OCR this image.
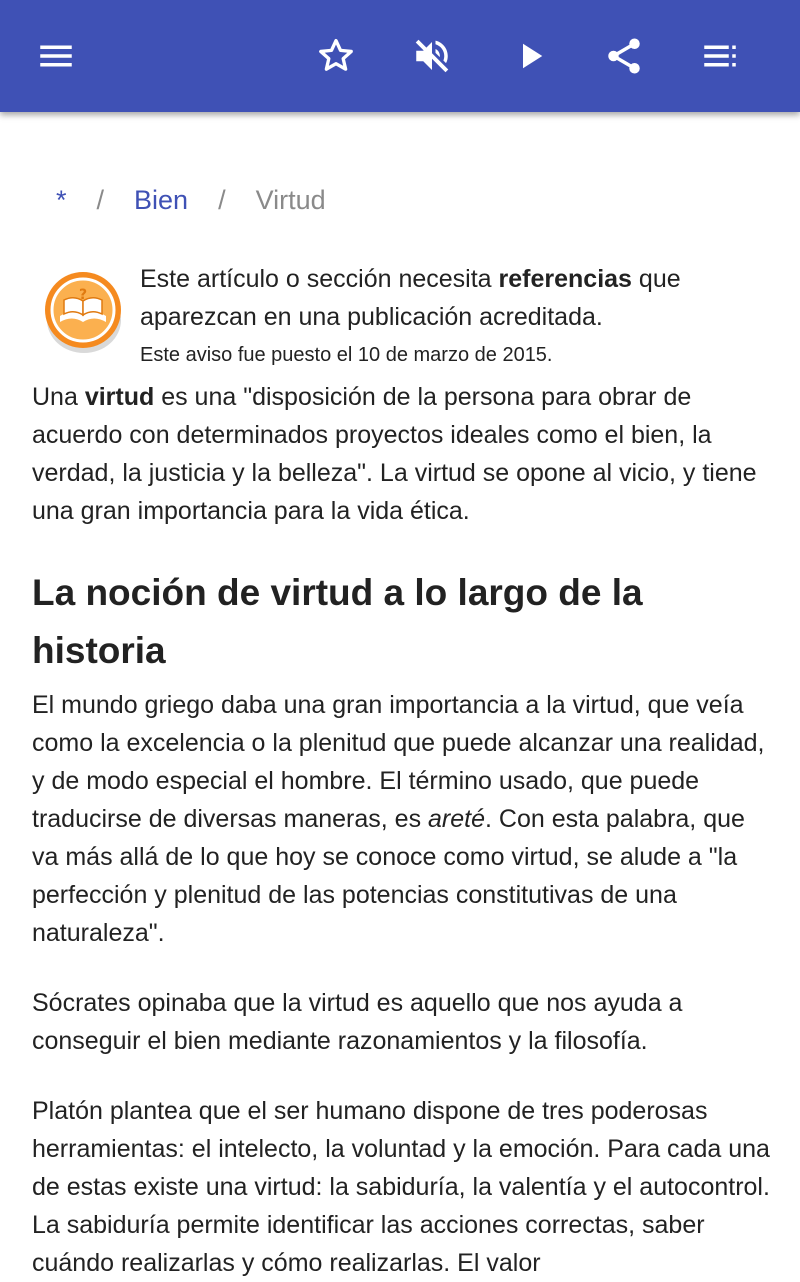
* / Bien / Virtud
?
Este artículo o sección necesita referencias que
aparezcan en una publicación acreditada.
Este aviso fue puesto el 10 de marzo de 2015.

Una virtud es una "disposición de la persona para obrar de acuerdo con determinados proyectos ideales como el bien, la verdad, la justicia y la belleza". La virtud se opone al vicio, y tiene una gran importancia para la vida ética.

La noción de virtud a lo largo de la historia

El mundo griego daba una gran importancia a la virtud, que veía como la excelencia o la plenitud que puede alcanzar una realidad, y de modo especial el hombre. El término usado, que puede traducirse de diversas maneras, es areté. Con esta palabra, que va más allá de lo que hoy se conoce como virtud, se alude a "la perfección y plenitud de las potencias constitutivas de una naturaleza".

Sócrates opinaba que la virtud es aquello que nos ayuda a conseguir el bien mediante razonamientos y la filosofía.

Platón plantea que el ser humano dispone de tres poderosas herramientas: el intelecto, la voluntad y la emoción. Para cada una de estas existe una virtud: la sabiduría, la valentía y el autocontrol. La sabiduría permite identificar las acciones correctas, saber cuándo realizarlas y cómo realizarlas. El valor
